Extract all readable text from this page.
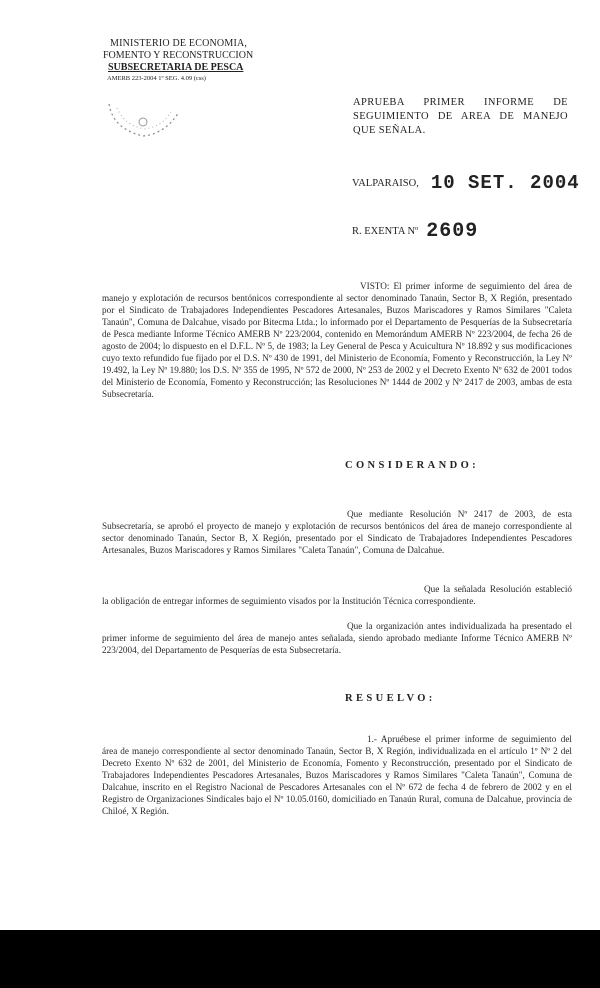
MINISTERIO DE ECONOMIA,
FOMENTO Y RECONSTRUCCION
SUBSECRETARIA DE PESCA
AMERB 223-2004 1º SEG. 4.09 (css)
APRUEBA PRIMER INFORME DE SEGUIMIENTO DE AREA DE MANEJO QUE SEÑALA.
VALPARAISO, 10 SET. 2004
R. EXENTA Nº 2609
VISTO: El primer informe de seguimiento del área de manejo y explotación de recursos bentónicos correspondiente al sector denominado Tanaún, Sector B, X Región, presentado por el Sindicato de Trabajadores Independientes Pescadores Artesanales, Buzos Mariscadores y Ramos Similares "Caleta Tanaún", Comuna de Dalcahue, visado por Bitecma Ltda.; lo informado por el Departamento de Pesquerías de la Subsecretaría de Pesca mediante Informe Técnico AMERB Nº 223/2004, contenido en Memorándum AMERB Nº 223/2004, de fecha 26 de agosto de 2004; lo dispuesto en el D.F.L. Nº 5, de 1983; la Ley General de Pesca y Acuicultura Nº 18.892 y sus modificaciones cuyo texto refundido fue fijado por el D.S. Nº 430 de 1991, del Ministerio de Economía, Fomento y Reconstrucción, la Ley Nº 19.492, la Ley Nº 19.880; los D.S. Nº 355 de 1995, Nº 572 de 2000, Nº 253 de 2002 y el Decreto Exento Nº 632 de 2001 todos del Ministerio de Economía, Fomento y Reconstrucción; las Resoluciones Nº 1444 de 2002 y Nº 2417 de 2003, ambas de esta Subsecretaría.
CONSIDERANDO:
Que mediante Resolución Nº 2417 de 2003, de esta Subsecretaría, se aprobó el proyecto de manejo y explotación de recursos bentónicos del área de manejo correspondiente al sector denominado Tanaún, Sector B, X Región, presentado por el Sindicato de Trabajadores Independientes Pescadores Artesanales, Buzos Mariscadores y Ramos Similares "Caleta Tanaún", Comuna de Dalcahue.
Que la señalada Resolución estableció la obligación de entregar informes de seguimiento visados por la Institución Técnica correspondiente.
Que la organización antes individualizada ha presentado el primer informe de seguimiento del área de manejo antes señalada, siendo aprobado mediante Informe Técnico AMERB Nº 223/2004, del Departamento de Pesquerías de esta Subsecretaría.
RESUELVO:
1.- Apruébese el primer informe de seguimiento del área de manejo correspondiente al sector denominado Tanaún, Sector B, X Región, individualizada en el artículo 1º Nº 2 del Decreto Exento Nº 632 de 2001, del Ministerio de Economía, Fomento y Reconstrucción, presentado por el Sindicato de Trabajadores Independientes Pescadores Artesanales, Buzos Mariscadores y Ramos Similares "Caleta Tanaún", Comuna de Dalcahue, inscrito en el Registro Nacional de Pescadores Artesanales con el Nº 672 de fecha 4 de febrero de 2002 y en el Registro de Organizaciones Sindicales bajo el Nº 10.05.0160, domiciliado en Tanaún Rural, comuna de Dalcahue, provincia de Chiloé, X Región.
